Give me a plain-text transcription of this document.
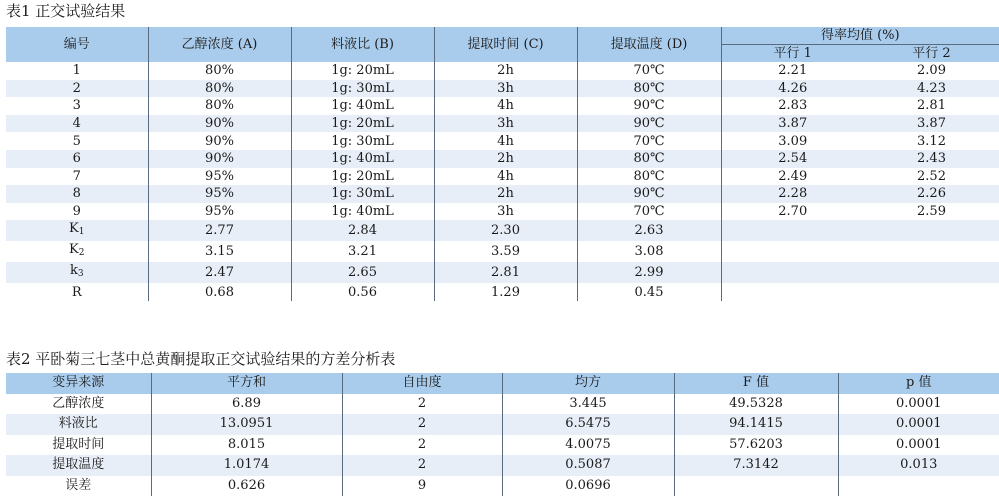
表1 正交试验结果
编号	乙醇浓度 (A)	料液比 (B)	提取时间 (C)	提取温度 (D)	得率均值 (%)	
					平行 1	平行 2
1	80%	1g: 20mL	2h	70℃	2.21	2.09
2	80%	1g: 30mL	3h	80℃	4.26	4.23
3	80%	1g: 40mL	4h	90℃	2.83	2.81
4	90%	1g: 20mL	3h	90℃	3.87	3.87
5	90%	1g: 30mL	4h	70℃	3.09	3.12
6	90%	1g: 40mL	2h	80℃	2.54	2.43
7	95%	1g: 20mL	4h	80℃	2.49	2.52
8	95%	1g: 30mL	2h	90℃	2.28	2.26
9	95%	1g: 40mL	3h	70℃	2.70	2.59
$K_1$	2.77	2.84	2.30	2.63		
$K_2$	3.15	3.21	3.59	3.08		
$k_3$	2.47	2.65	2.81	2.99		
R	0.68	0.56	1.29	0.45		
表2 平卧菊三七茎中总黄酮提取正交试验结果的方差分析表
变异来源	平方和	自由度	均方	F 值	p 值
乙醇浓度	6.89	2	3.445	49.5328	0.0001
料液比	13.0951	2	6.5475	94.1415	0.0001
提取时间	8.015	2	4.0075	57.6203	0.0001
提取温度	1.0174	2	0.5087	7.3142	0.013
误差	0.626	9	0.0696		
